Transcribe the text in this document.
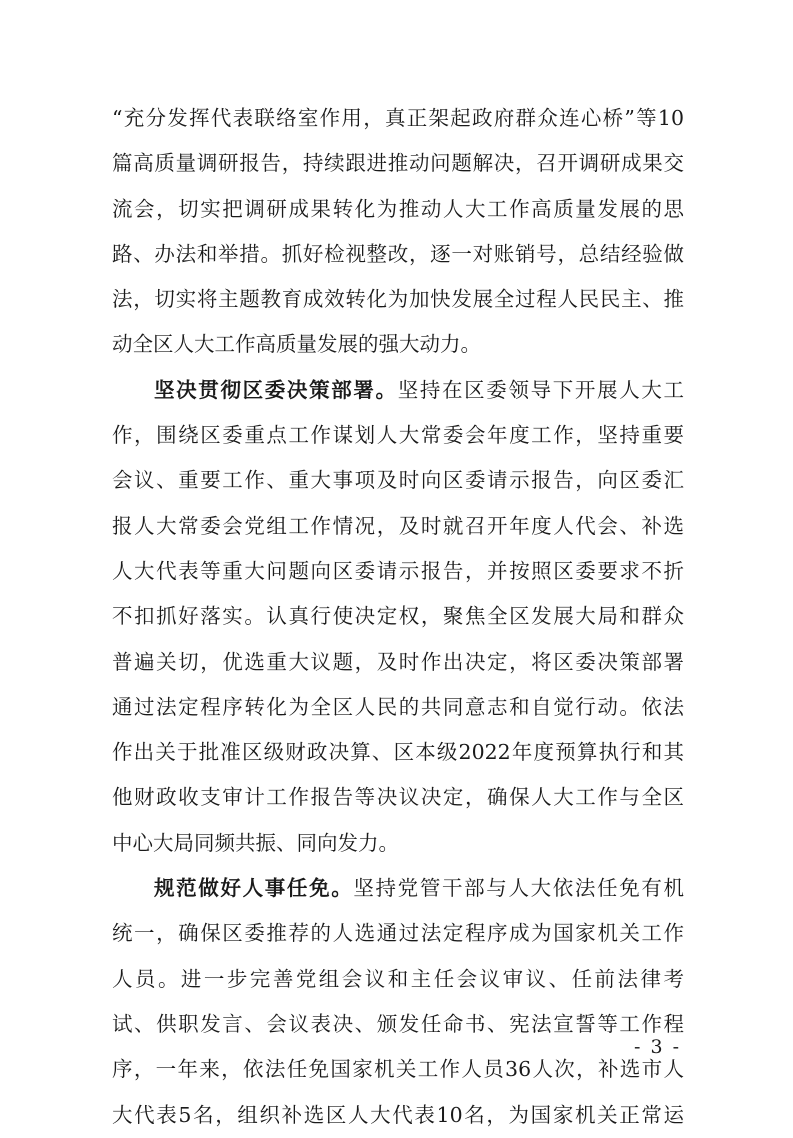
“充分发挥代表联络室作用，真正架起政府群众连心桥”等10
篇高质量调研报告，持续跟进推动问题解决，召开调研成果交
流会，切实把调研成果转化为推动人大工作高质量发展的思
路、办法和举措。抓好检视整改，逐一对账销号，总结经验做
法，切实将主题教育成效转化为加快发展全过程人民民主、推
动全区人大工作高质量发展的强大动力。
坚决贯彻区委决策部署。坚持在区委领导下开展人大工
作，围绕区委重点工作谋划人大常委会年度工作，坚持重要
会议、重要工作、重大事项及时向区委请示报告，向区委汇
报人大常委会党组工作情况，及时就召开年度人代会、补选
人大代表等重大问题向区委请示报告，并按照区委要求不折
不扣抓好落实。认真行使决定权，聚焦全区发展大局和群众
普遍关切，优选重大议题，及时作出决定，将区委决策部署
通过法定程序转化为全区人民的共同意志和自觉行动。依法
作出关于批准区级财政决算、区本级2022年度预算执行和其
他财政收支审计工作报告等决议决定，确保人大工作与全区
中心大局同频共振、同向发力。
规范做好人事任免。坚持党管干部与人大依法任免有机
统一，确保区委推荐的人选通过法定程序成为国家机关工作
人员。进一步完善党组会议和主任会议审议、任前法律考
试、供职发言、会议表决、颁发任命书、宪法宣誓等工作程
序，一年来，依法任免国家机关工作人员36人次，补选市人
大代表5名，组织补选区人大代表10名，为国家机关正常运
- 3 -
